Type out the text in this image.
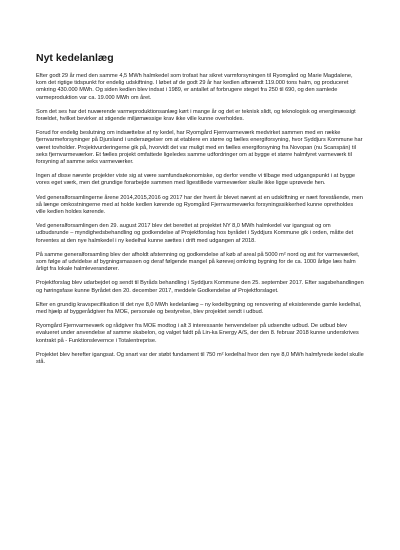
Nyt kedelanlæg

Efter godt 29 år med den samme 4,5 MWh halmkedel som trofast har sikret varmforsyningen til Ryomgård og Marie Magdalene, kom det rigtige tidspunkt for endelig udskiftning. I løbet af de godt 29 år har kedlen afbrændt 119.000 tons halm, og produceret omkring 430.000 MWh. Og siden kedlen blev indsat i 1989, er antallet af forbrugere steget fra 250 til 690, og den samlede varmeproduktion var ca. 19.000 MWh om året.

Som det ses har det nuværende varmeproduktionsanlæg kørt i mange år og det er teknisk slidt, og teknologisk og energimæssigt forældet, hvilket bevirker at stigende miljømæssige krav ikke ville kunne overholdes.

Forud for endelig beslutning om indsættelse af ny kedel, har Ryomgård Fjernvarmeværk medvirket sammen med en række fjernvarmeforsyninger på Djursland i undersøgelser om at etablere en større og fælles energiforsyning, hvor Syddjurs Kommune har været tovholder. Projektvurderingerne gik på, hvorvidt det var muligt med en fælles energiforsyning fra Novopan (nu Scanspán) til seks fjernvarmeværker. Et fælles projekt omfattede ligeledes samme udfordringer om at bygge et større halmfyret varmeværk til forsyning af samme seks varmeværker.

Ingen af disse nævnte projekter viste sig at være samfundsøkonomiske, og derfor vendte vi tilbage med udgangspunkt i at bygge vores eget værk, men det grundige forarbejde sammen med ligestillede varmeværker skulle ikke ligge uprøvede hen.

Ved generalforsamlingerne årene 2014,2015,2016 og 2017 har der hvert år blevet nævnt at en udskiftning er nært forestående, men så længe omkostningerne med at holde kedlen kørende og Ryomgård Fjernvarmeværks forsyningssikkerhed kunne opretholdes ville kedlen holdes kørende.

Ved generalforsamlingen den 29. august 2017 blev det berettet at projektet NY 8,0 MWh halmkedel var igangsat og om udbudsrunde – myndighedsbehandling og godkendelse af Projektforslag hos byrådet i Syddjurs Kommune gik i orden, måtte det forventes at den nye halmkedel i ny kedelhal kunne sættes i drift med udgangen af 2018.

På samme generalforsamling blev der afholdt afstemning og godkendelse af køb af areal på 5000 m² nord og øst for varmeværket, som følge af udvidelse af bygningsmassen og deraf følgende mangel på kørevej omkring bygning for de ca. 1000 årlige læs halm årligt fra lokale halmleverandører.

Projektforslag blev udarbejdet og sendt til Byråds behandling i Syddjurs Kommune den 25. september 2017. Efter sagsbehandlingen og høringsfase kunne Byrådet den 20. december 2017, meddele Godkendelse af Projektforslaget.

Efter en grundig kravspecifikation til det nye 8,0 MWh kedelanlæg – ny kedelbygning og renovering af eksisterende gamle kedelhal, med hjælp af byggerådgiver fra MOE, personale og bestyrelse, blev projektet sendt i udbud.

Ryomgård Fjernvarmeværk og rådgiver fra MOE modtog i alt 3 interessante henvendelser på udsendte udbud. De udbud blev evalueret under anvendelse af samme skabelon, og valget faldt på Lin-ka Energy A/S, der den 8. februar 2018 kunne underskrives kontrakt på - Funktionslevernce i Totalentreprise.

Projektet blev herefter igangsat. Og snart var der støbt fundament til 750 m² kedelhal hvor den nye 8,0 MWh halmfyrede kedel skulle stå.
